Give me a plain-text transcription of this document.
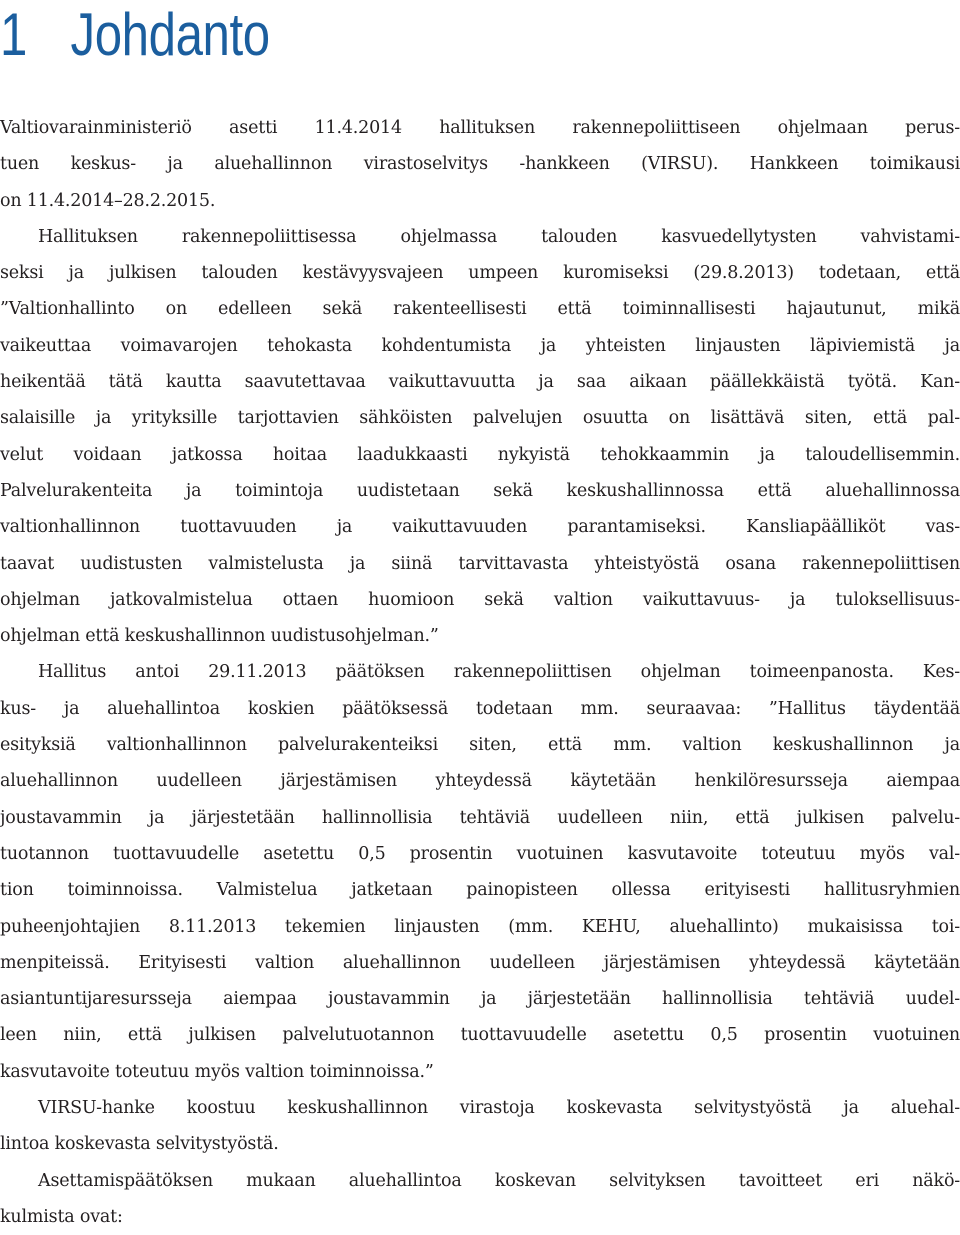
1 Johdanto
Valtiovarainministeriö asetti 11.4.2014 hallituksen rakennepoliittiseen ohjelmaan perus-
tuen keskus- ja aluehallinnon virastoselvitys -hankkeen (VIRSU). Hankkeen toimikausi
on 11.4.2014–28.2.2015.
Hallituksen rakennepoliittisessa ohjelmassa talouden kasvuedellytysten vahvistami-
seksi ja julkisen talouden kestävyysvajeen umpeen kuromiseksi (29.8.2013) todetaan, että
”Valtionhallinto on edelleen sekä rakenteellisesti että toiminnallisesti hajautunut, mikä
vaikeuttaa voimavarojen tehokasta kohdentumista ja yhteisten linjausten läpiviemistä ja
heikentää tätä kautta saavutettavaa vaikuttavuutta ja saa aikaan päällekkäistä työtä. Kan-
salaisille ja yrityksille tarjottavien sähköisten palvelujen osuutta on lisättävä siten, että pal-
velut voidaan jatkossa hoitaa laadukkaasti nykyistä tehokkaammin ja taloudellisemmin.
Palvelurakenteita ja toimintoja uudistetaan sekä keskushallinnossa että aluehallinnossa
valtionhallinnon tuottavuuden ja vaikuttavuuden parantamiseksi. Kansliapäälliköt vas-
taavat uudistusten valmistelusta ja siinä tarvittavasta yhteistyöstä osana rakennepoliittisen
ohjelman jatkovalmistelua ottaen huomioon sekä valtion vaikuttavuus- ja tuloksellisuus-
ohjelman että keskushallinnon uudistusohjelman.”
Hallitus antoi 29.11.2013 päätöksen rakennepoliittisen ohjelman toimeenpanosta. Kes-
kus- ja aluehallintoa koskien päätöksessä todetaan mm. seuraavaa: ”Hallitus täydentää
esityksiä valtionhallinnon palvelurakenteiksi siten, että mm. valtion keskushallinnon ja
aluehallinnon uudelleen järjestämisen yhteydessä käytetään henkilöresursseja aiempaa
joustavammin ja järjestetään hallinnollisia tehtäviä uudelleen niin, että julkisen palvelu-
tuotannon tuottavuudelle asetettu 0,5 prosentin vuotuinen kasvutavoite toteutuu myös val-
tion toiminnoissa. Valmistelua jatketaan painopisteen ollessa erityisesti hallitusryhmien
puheenjohtajien 8.11.2013 tekemien linjausten (mm. KEHU, aluehallinto) mukaisissa toi-
menpiteissä. Erityisesti valtion aluehallinnon uudelleen järjestämisen yhteydessä käytetään
asiantuntijaresursseja aiempaa joustavammin ja järjestetään hallinnollisia tehtäviä uudel-
leen niin, että julkisen palvelutuotannon tuottavuudelle asetettu 0,5 prosentin vuotuinen
kasvutavoite toteutuu myös valtion toiminnoissa.”
VIRSU-hanke koostuu keskushallinnon virastoja koskevasta selvitystyöstä ja aluehal-
lintoa koskevasta selvitystyöstä.
Asettamispäätöksen mukaan aluehallintoa koskevan selvityksen tavoitteet eri näkö-
kulmista ovat:
